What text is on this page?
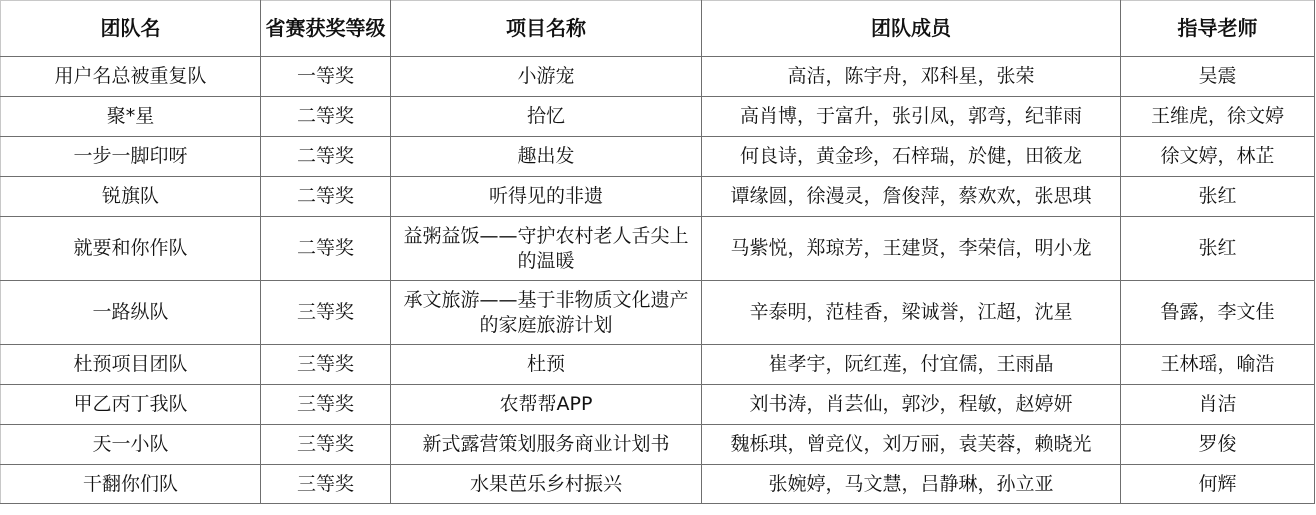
团队名	省赛获奖等级	项目名称	团队成员	指导老师
用户名总被重复队	一等奖	小游宠	高洁，陈宇舟，邓科星，张荣	吴震
聚*星	二等奖	拾忆	高肖博，于富升，张引凤，郭弯，纪菲雨	王维虎，徐文婷
一步一脚印呀	二等奖	趣出发	何良诗，黄金珍，石梓瑞，於健，田筱龙	徐文婷，林芷
锐旗队	二等奖	听得见的非遗	谭缘圆，徐漫灵，詹俊萍，蔡欢欢，张思琪	张红
就要和你作队	二等奖	益粥益饭——守护农村老人舌尖上的温暖	马紫悦，郑琼芳，王建贤，李荣信，明小龙	张红
一路纵队	三等奖	承文旅游——基于非物质文化遗产的家庭旅游计划	辛泰明，范桂香，梁诚誉，江超，沈星	鲁露，李文佳
杜预项目团队	三等奖	杜预	崔孝宇，阮红莲，付宜儒，王雨晶	王林瑶，喻浩
甲乙丙丁我队	三等奖	农帮帮APP	刘书涛，肖芸仙，郭沙，程敏，赵婷妍	肖洁
天一小队	三等奖	新式露营策划服务商业计划书	魏栎琪，曾竞仪，刘万丽，袁芙蓉，赖晓光	罗俊
干翻你们队	三等奖	水果芭乐乡村振兴	张婉婷，马文慧，吕静琳，孙立亚	何辉
